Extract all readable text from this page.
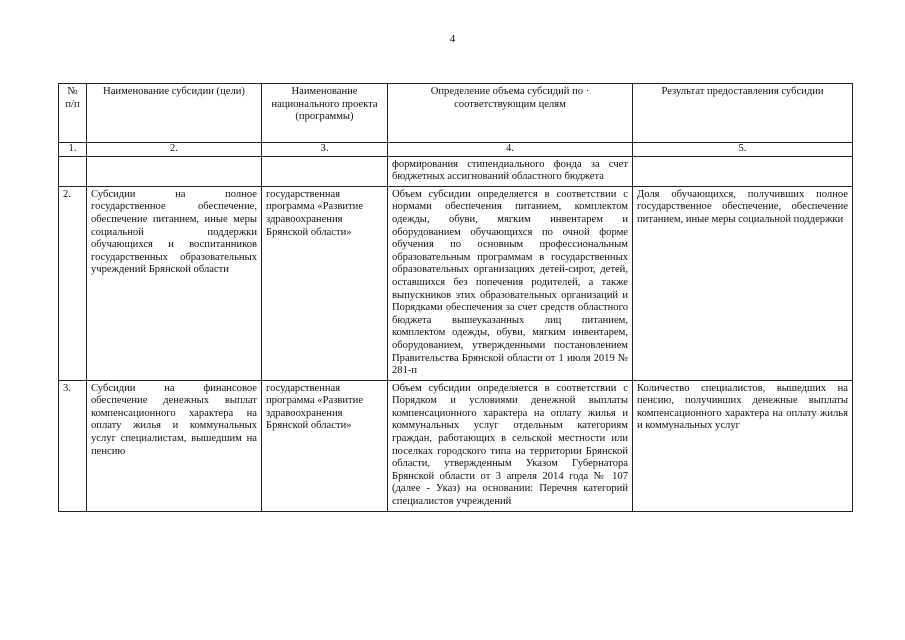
4
№ п/п	Наименование субсидии (цели)	Наименование национального проекта (программы)	Определение объема субсидий по · соответствующим целям	Результат предоставления субсидии
1.	2.	3.	4.	5.
			формирования стипендиального фонда за счет бюджетных ассигнований областного бюджета	
2.	Субсидии на полное государственное обеспечение, обеспечение питанием, иные меры социальной поддержки обучающихся и воспитанников государственных образовательных учреждений Брянской области	государственная программа «Развитие здравоохранения Брянской области»	Объем субсидии определяется в соответствии с нормами обеспечения питанием, комплектом одежды, обуви, мягким инвентарем и оборудованием обучающихся по очной форме обучения по основным профессиональным образовательным программам в государственных образовательных организациях детей-сирот, детей, оставшихся без попечения родителей, а также выпускников этих образовательных организаций и Порядками обеспечения за счет средств областного бюджета вышеуказанных лиц питанием, комплектом одежды, обуви, мягким инвентарем, оборудованием, утвержденными постановлением Правительства Брянской области от 1 июля 2019 № 281-п	Доля обучающихся, получивших полное государственное обеспечение, обеспечение питанием, иные меры социальной поддержки
3.	Субсидии на финансовое обеспечение денежных выплат компенсационного характера на оплату жилья и коммунальных услуг специалистам, вышедшим на пенсию	государственная программа «Развитие здравоохранения Брянской области»	Объем субсидии определяется в соответствии с Порядком и условиями денежной выплаты компенсационного характера на оплату жилья и коммунальных услуг отдельным категориям граждан, работающих в сельской местности или поселках городского типа на территории Брянской области, утвержденным Указом Губернатора Брянской области от 3 апреля 2014 года № 107 (далее - Указ) на основании: Перечня категорий специалистов учреждений	Количество специалистов, вышедших на пенсию, получивших денежные выплаты компенсационного характера на оплату жилья и коммунальных услуг
